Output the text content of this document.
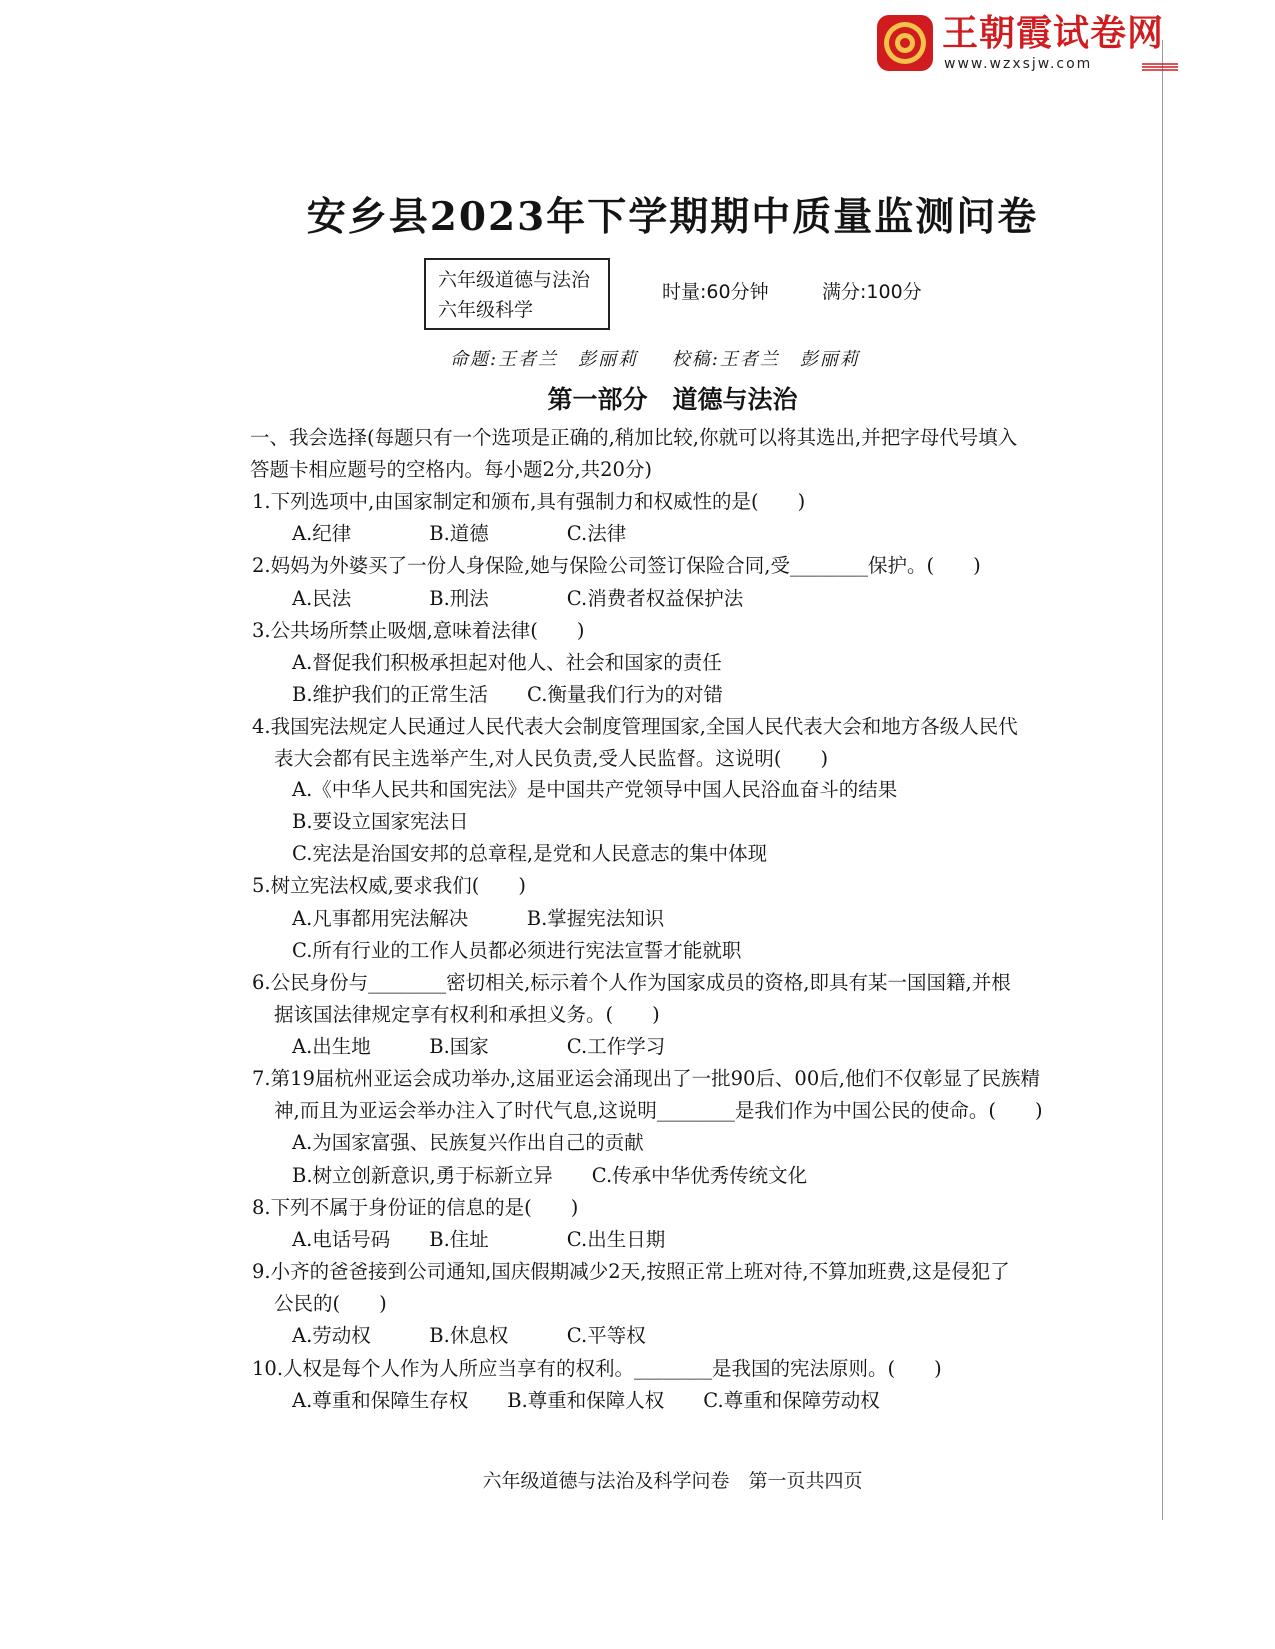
王朝霞试卷网
www.wzxsjw.com
安乡县2023年下学期期中质量监测问卷
六年级道德与法治
六年级科学
时量:60分钟	满分:100分
命题:王者兰　彭丽莉 校稿:王者兰　彭丽莉
第一部分　道德与法治
一、我会选择(每题只有一个选项是正确的,稍加比较,你就可以将其选出,并把字母代号填入
答题卡相应题号的空格内。每小题2分,共20分)
1.下列选项中,由国家制定和颁布,具有强制力和权威性的是(　　)
A.纪律　　　　B.道德　　　　C.法律
2.妈妈为外婆买了一份人身保险,她与保险公司签订保险合同,受________保护。(　　)
A.民法　　　　B.刑法　　　　C.消费者权益保护法
3.公共场所禁止吸烟,意味着法律(　　)
A.督促我们积极承担起对他人、社会和国家的责任
B.维护我们的正常生活　　C.衡量我们行为的对错
4.我国宪法规定人民通过人民代表大会制度管理国家,全国人民代表大会和地方各级人民代
表大会都有民主选举产生,对人民负责,受人民监督。这说明(　　)
A.《中华人民共和国宪法》是中国共产党领导中国人民浴血奋斗的结果
B.要设立国家宪法日
C.宪法是治国安邦的总章程,是党和人民意志的集中体现
5.树立宪法权威,要求我们(　　)
A.凡事都用宪法解决　　　B.掌握宪法知识
C.所有行业的工作人员都必须进行宪法宣誓才能就职
6.公民身份与________密切相关,标示着个人作为国家成员的资格,即具有某一国国籍,并根
据该国法律规定享有权利和承担义务。(　　)
A.出生地　　　B.国家　　　　C.工作学习
7.第19届杭州亚运会成功举办,这届亚运会涌现出了一批90后、00后,他们不仅彰显了民族精
神,而且为亚运会举办注入了时代气息,这说明________是我们作为中国公民的使命。(　　)
A.为国家富强、民族复兴作出自己的贡献
B.树立创新意识,勇于标新立异　　C.传承中华优秀传统文化
8.下列不属于身份证的信息的是(　　)
A.电话号码　　B.住址　　　　C.出生日期
9.小齐的爸爸接到公司通知,国庆假期减少2天,按照正常上班对待,不算加班费,这是侵犯了
公民的(　　)
A.劳动权　　　B.休息权　　　C.平等权
10.人权是每个人作为人所应当享有的权利。________是我国的宪法原则。(　　)
A.尊重和保障生存权　　B.尊重和保障人权　　C.尊重和保障劳动权
六年级道德与法治及科学问卷　第一页共四页
